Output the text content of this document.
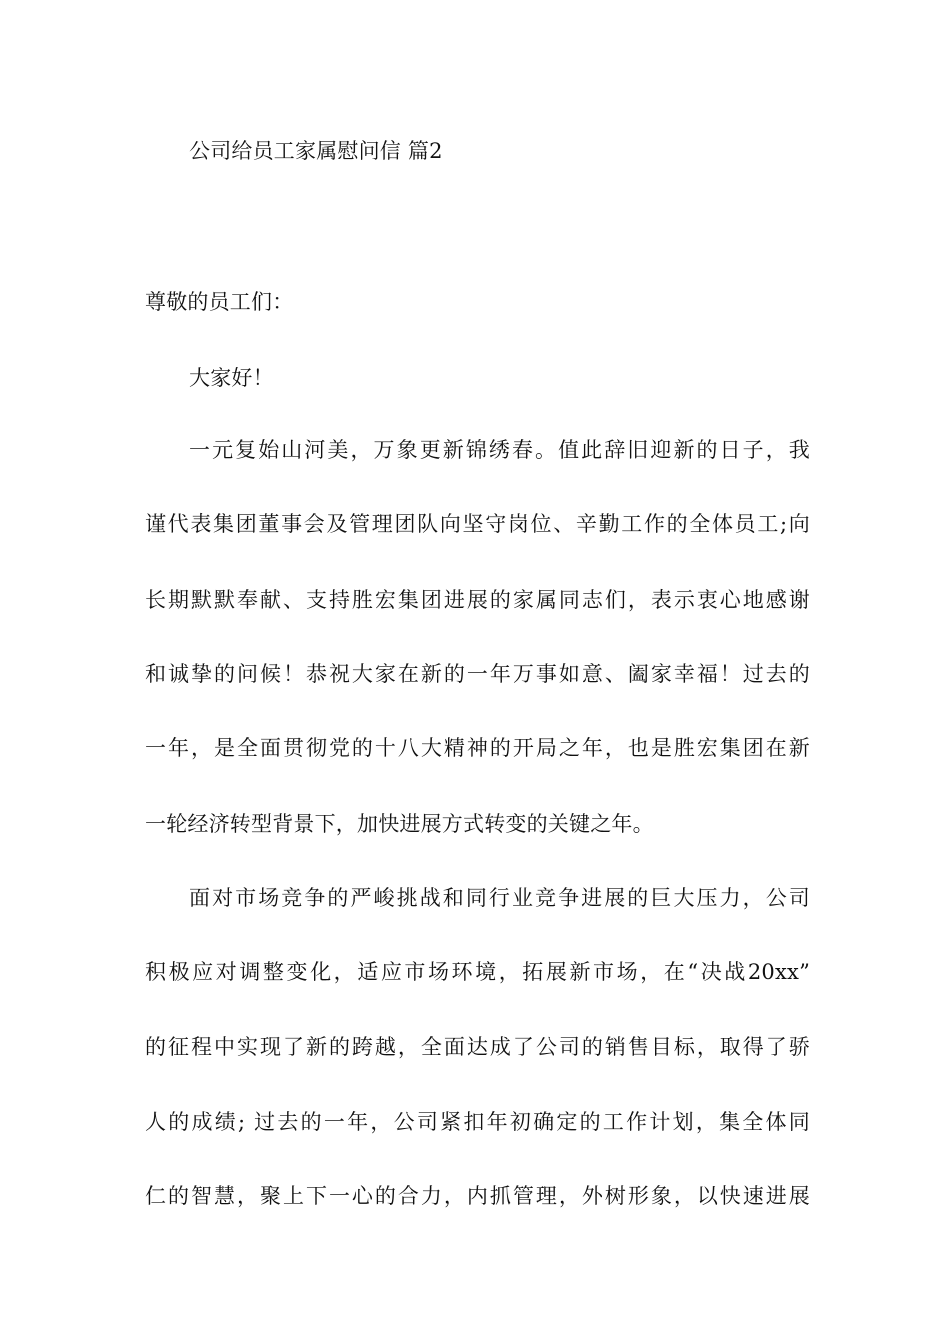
公司给员工家属慰问信 篇2
尊敬的员工们：
大家好！
一元复始山河美，万象更新锦绣春。值此辞旧迎新的日子，我
谨代表集团董事会及管理团队向坚守岗位、辛勤工作的全体员工;向
长期默默奉献、支持胜宏集团进展的家属同志们，表示衷心地感谢
和诚挚的问候！恭祝大家在新的一年万事如意、阖家幸福！过去的
一年，是全面贯彻党的十八大精神的开局之年，也是胜宏集团在新
一轮经济转型背景下，加快进展方式转变的关键之年。
面对市场竞争的严峻挑战和同行业竞争进展的巨大压力，公司
积极应对调整变化，适应市场环境，拓展新市场，在“决战20xx”
的征程中实现了新的跨越，全面达成了公司的销售目标，取得了骄
人的成绩; 过去的一年，公司紧扣年初确定的工作计划，集全体同
仁的智慧，聚上下一心的合力，内抓管理，外树形象，以快速进展
